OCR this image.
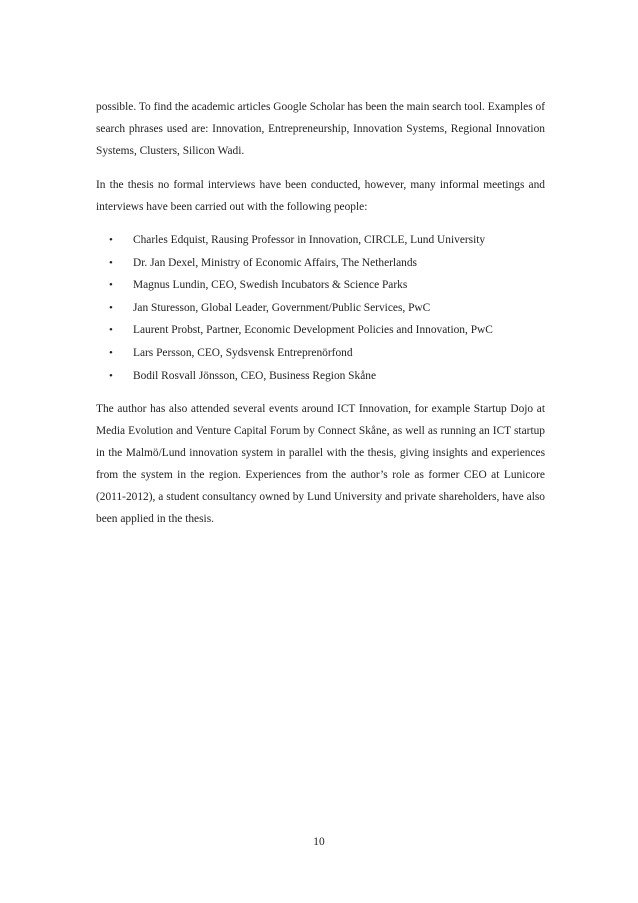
possible. To find the academic articles Google Scholar has been the main search tool. Examples of search phrases used are: Innovation, Entrepreneurship, Innovation Systems, Regional Innovation Systems, Clusters, Silicon Wadi.

In the thesis no formal interviews have been conducted, however, many informal meetings and interviews have been carried out with the following people:

• Charles Edquist, Rausing Professor in Innovation, CIRCLE, Lund University
• Dr. Jan Dexel, Ministry of Economic Affairs, The Netherlands
• Magnus Lundin, CEO, Swedish Incubators & Science Parks
• Jan Sturesson, Global Leader, Government/Public Services, PwC
• Laurent Probst, Partner, Economic Development Policies and Innovation, PwC
• Lars Persson, CEO, Sydsvensk Entreprenörfond
• Bodil Rosvall Jönsson, CEO, Business Region Skåne

The author has also attended several events around ICT Innovation, for example Startup Dojo at Media Evolution and Venture Capital Forum by Connect Skåne, as well as running an ICT startup in the Malmö/Lund innovation system in parallel with the thesis, giving insights and experiences from the system in the region. Experiences from the author’s role as former CEO at Lunicore (2011-2012), a student consultancy owned by Lund University and private shareholders, have also been applied in the thesis.

10
